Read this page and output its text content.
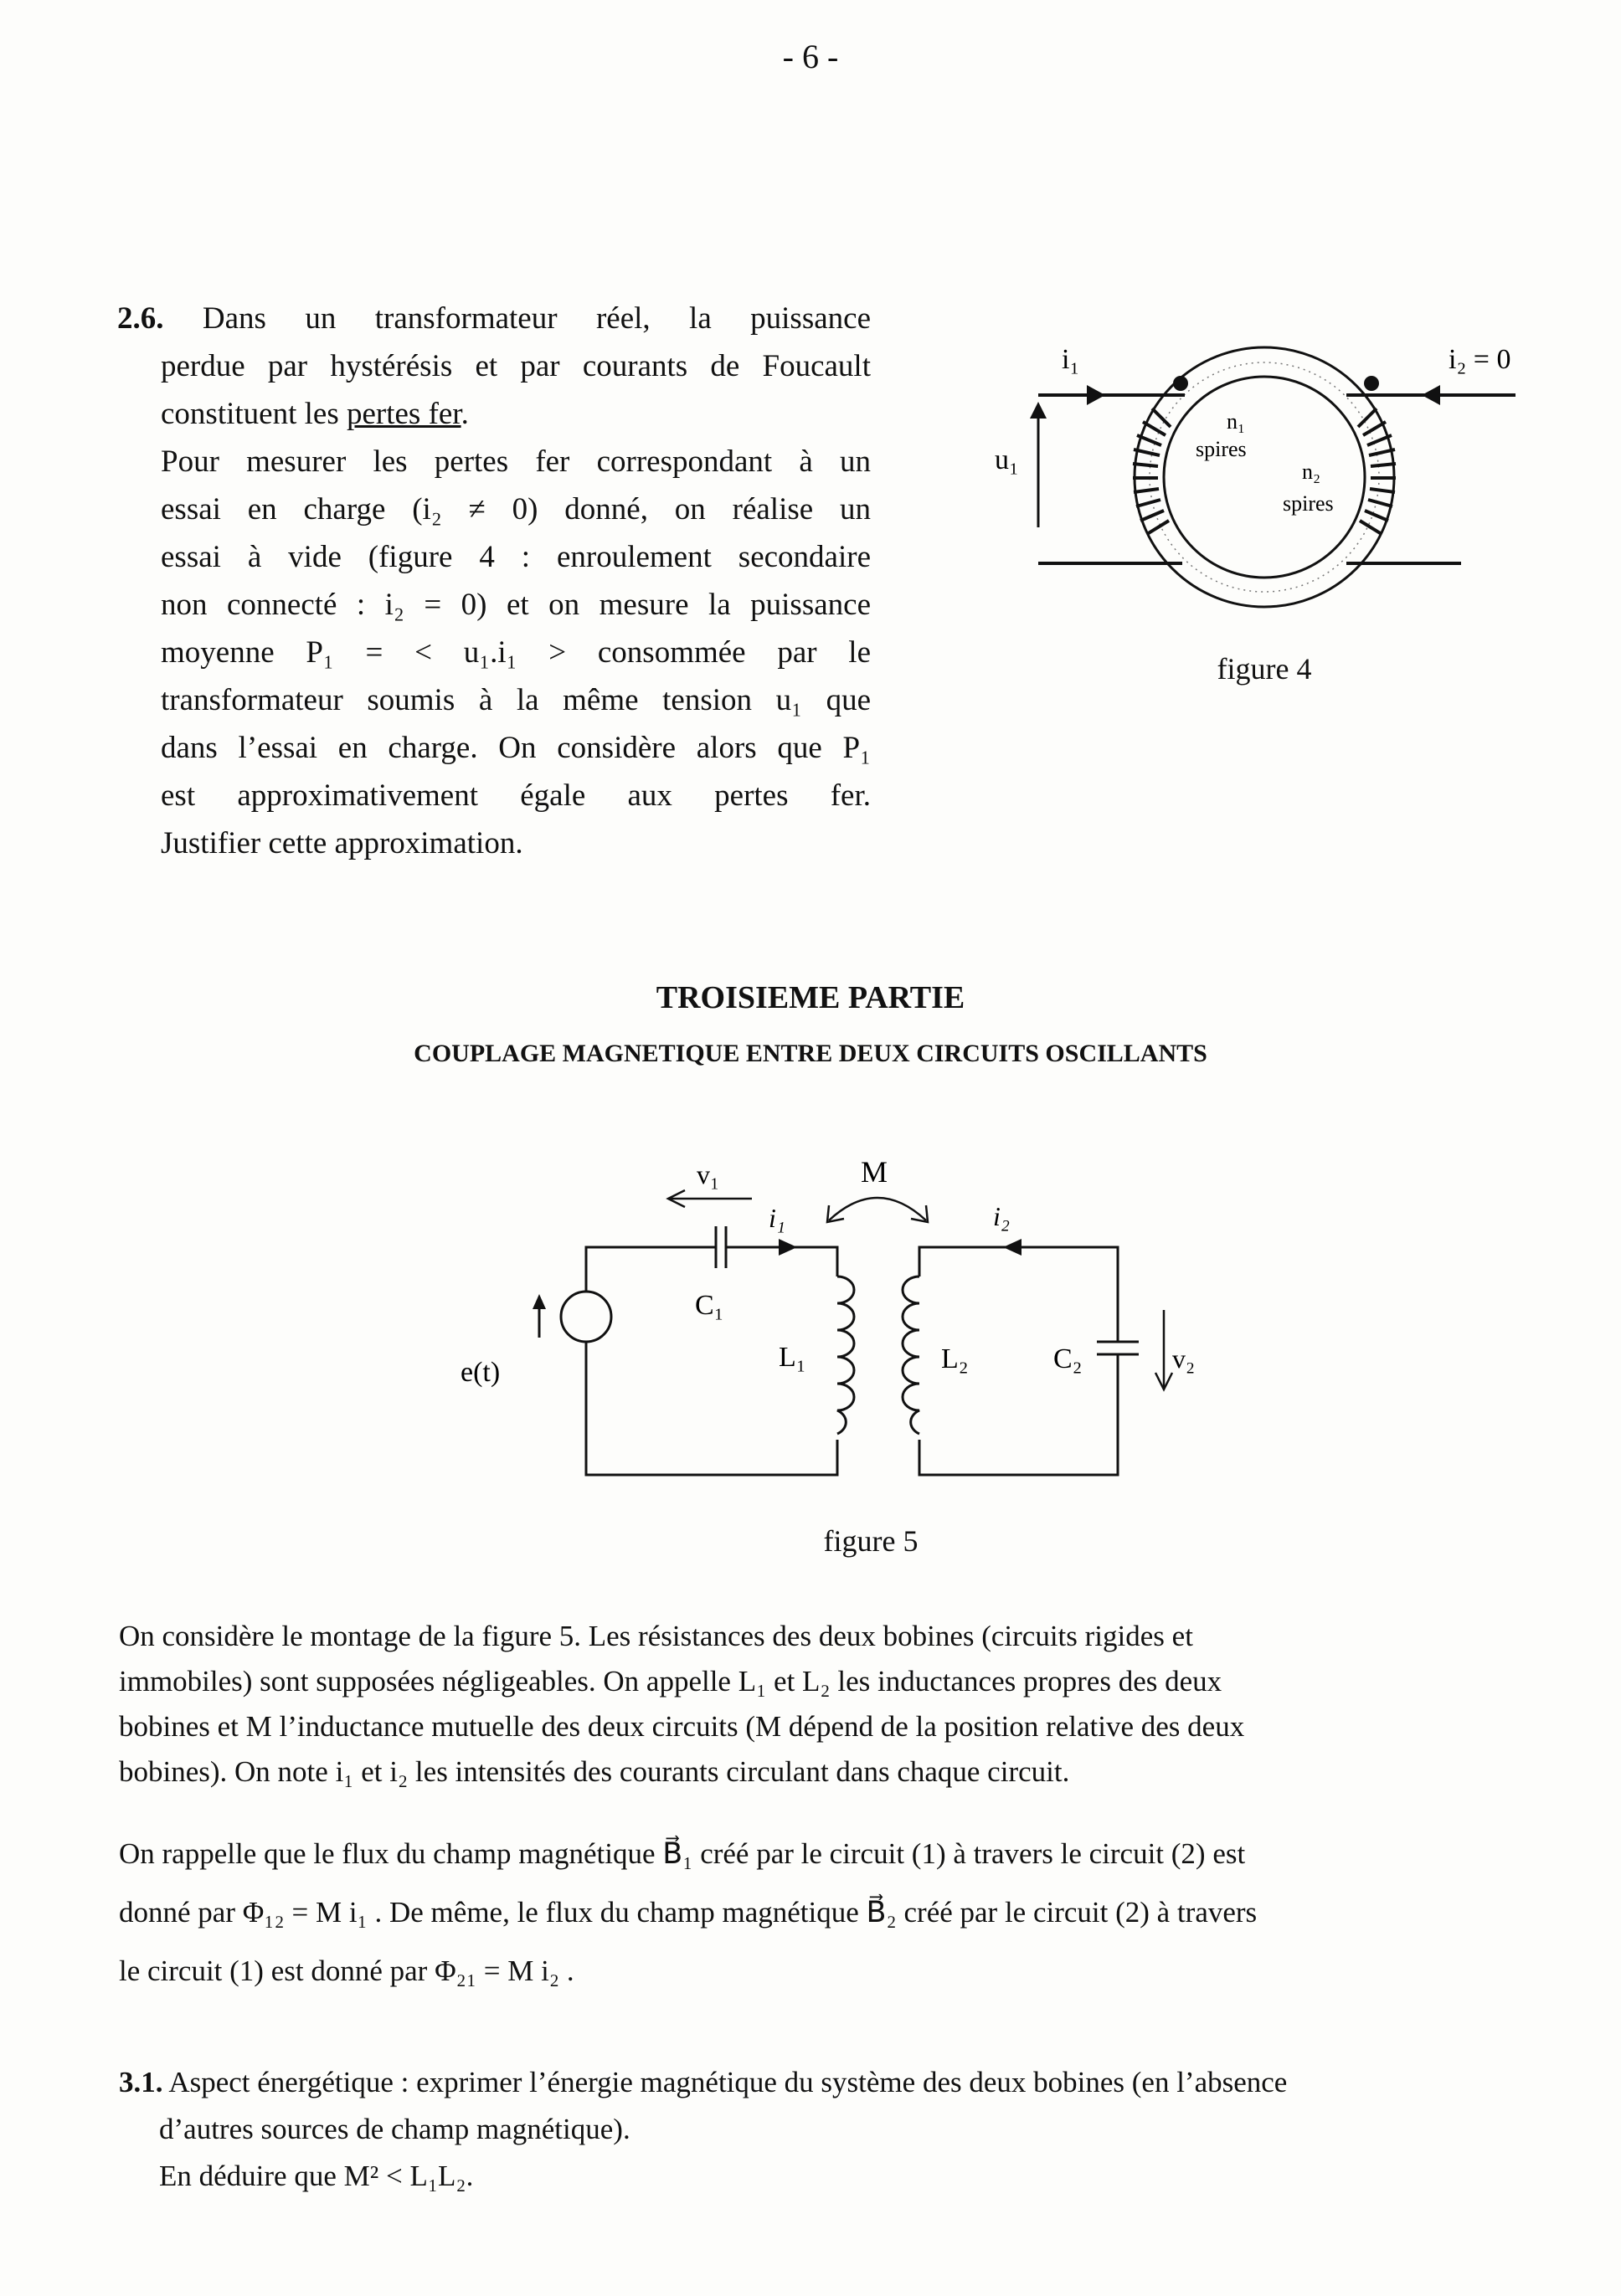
- 6 -
2.6. Dans un transformateur réel, la puissance
perdue par hystérésis et par courants de Foucault
constituent les pertes fer.
Pour mesurer les pertes fer correspondant à un
essai en charge (i₂ ≠ 0) donné, on réalise un
essai à vide (figure 4 : enroulement secondaire
non connecté : i₂ = 0) et on mesure la puissance
moyenne P₁ = < u₁.i₁ > consommée par le
transformateur soumis à la même tension u₁ que
dans l’essai en charge. On considère alors que P₁
est approximativement égale aux pertes fer.
Justifier cette approximation.
i₁	i₂ = 0
u₁
n₁
spires
n₂
spires
figure 4
TROISIEME PARTIE
COUPLAGE MAGNETIQUE ENTRE DEUX CIRCUITS OSCILLANTS
v₁	M
i₁	i₂
C₁
L₁	L₂	C₂	v₂
e(t)
figure 5
On considère le montage de la figure 5. Les résistances des deux bobines (circuits rigides et
immobiles) sont supposées négligeables. On appelle L₁ et L₂ les inductances propres des deux
bobines et M l’inductance mutuelle des deux circuits (M dépend de la position relative des deux
bobines). On note i₁ et i₂ les intensités des courants circulant dans chaque circuit.
On rappelle que le flux du champ magnétique B⃗₁ créé par le circuit (1) à travers le circuit (2) est
donné par Φ₁₂ = M i₁ . De même, le flux du champ magnétique B⃗₂ créé par le circuit (2) à travers
le circuit (1) est donné par Φ₂₁ = M i₂ .
3.1. Aspect énergétique : exprimer l’énergie magnétique du système des deux bobines (en l’absence
d’autres sources de champ magnétique).
En déduire que M² < L₁L₂.
